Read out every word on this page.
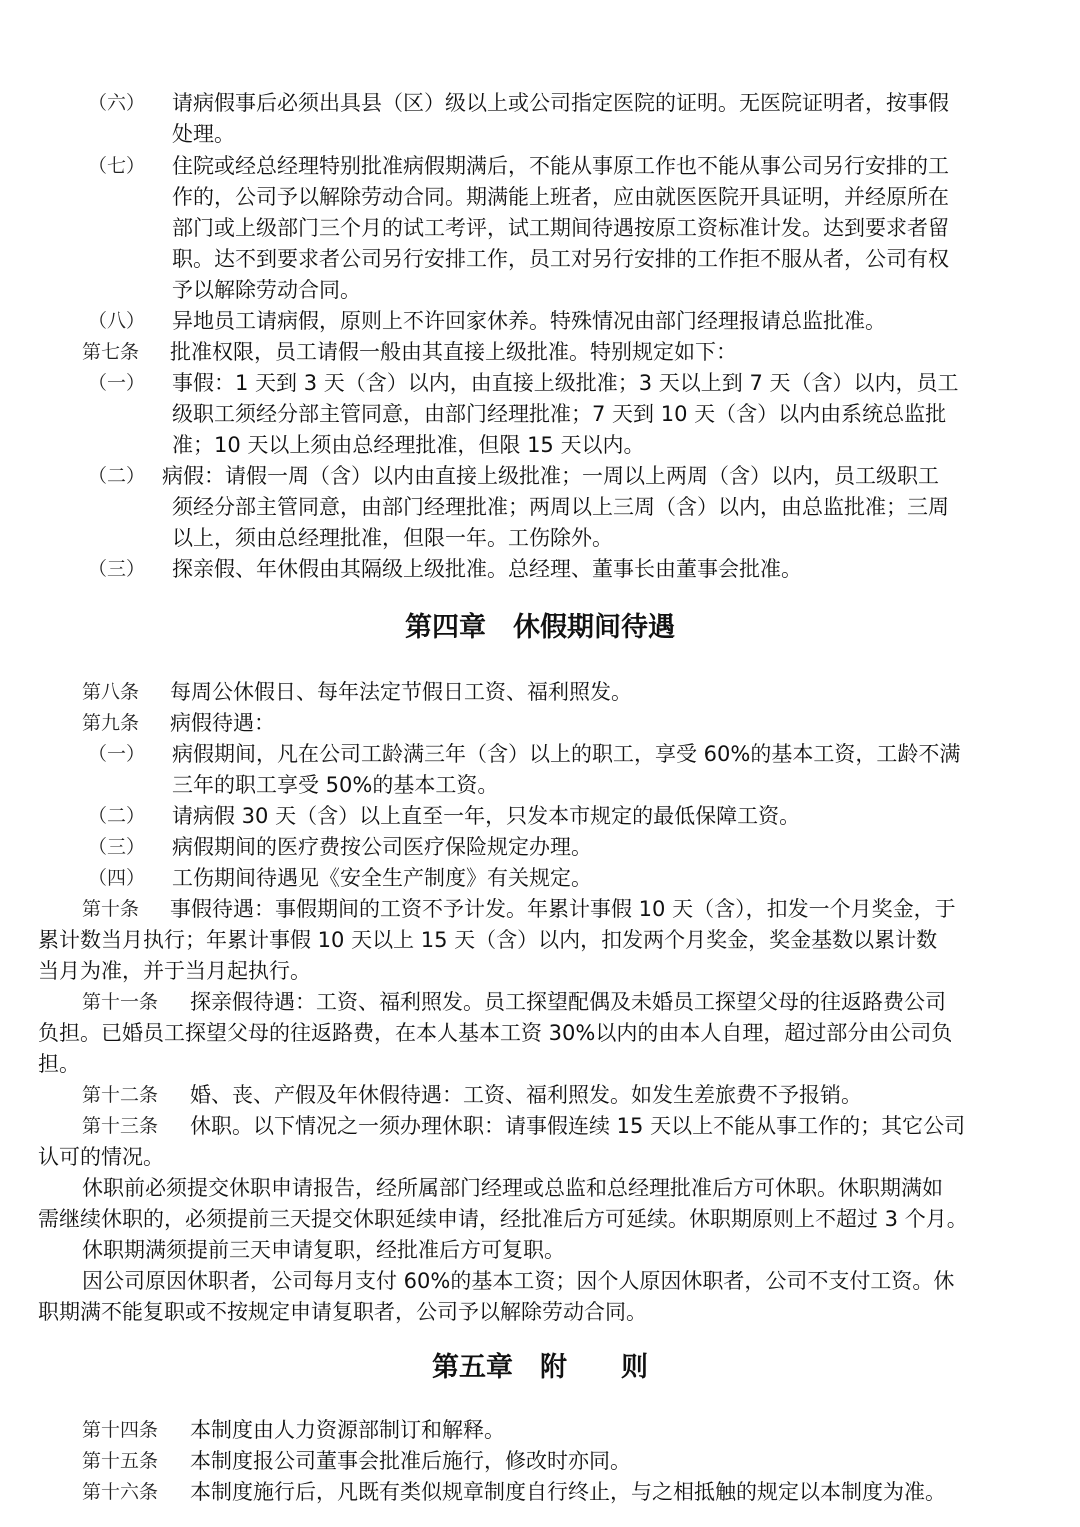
（六） 请病假事后必须出具县（区）级以上或公司指定医院的证明。无医院证明者，按事假
处理。
（七） 住院或经总经理特别批准病假期满后，不能从事原工作也不能从事公司另行安排的工
作的，公司予以解除劳动合同。期满能上班者，应由就医医院开具证明，并经原所在
部门或上级部门三个月的试工考评，试工期间待遇按原工资标准计发。达到要求者留
职。达不到要求者公司另行安排工作，员工对另行安排的工作拒不服从者，公司有权
予以解除劳动合同。
（八） 异地员工请病假，原则上不许回家休养。特殊情况由部门经理报请总监批准。
第七条 批准权限，员工请假一般由其直接上级批准。特别规定如下：
（一） 事假：1 天到 3 天（含）以内，由直接上级批准；3 天以上到 7 天（含）以内，员工
级职工须经分部主管同意，由部门经理批准；7 天到 10 天（含）以内由系统总监批
准；10 天以上须由总经理批准，但限 15 天以内。
（二） 病假：请假一周（含）以内由直接上级批准；一周以上两周（含）以内，员工级职工
须经分部主管同意，由部门经理批准；两周以上三周（含）以内，由总监批准；三周
以上，须由总经理批准，但限一年。工伤除外。
（三） 探亲假、年休假由其隔级上级批准。总经理、董事长由董事会批准。
第四章　休假期间待遇
第八条 每周公休假日、每年法定节假日工资、福利照发。
第九条 病假待遇：
（一） 病假期间，凡在公司工龄满三年（含）以上的职工，享受 60%的基本工资，工龄不满
三年的职工享受 50%的基本工资。
（二） 请病假 30 天（含）以上直至一年，只发本市规定的最低保障工资。
（三） 病假期间的医疗费按公司医疗保险规定办理。
（四） 工伤期间待遇见《安全生产制度》有关规定。
第十条 事假待遇：事假期间的工资不予计发。年累计事假 10 天（含），扣发一个月奖金，于
累计数当月执行；年累计事假 10 天以上 15 天（含）以内，扣发两个月奖金，奖金基数以累计数
当月为准，并于当月起执行。
第十一条 探亲假待遇：工资、福利照发。员工探望配偶及未婚员工探望父母的往返路费公司
负担。已婚员工探望父母的往返路费，在本人基本工资 30%以内的由本人自理，超过部分由公司负
担。
第十二条 婚、丧、产假及年休假待遇：工资、福利照发。如发生差旅费不予报销。
第十三条 休职。以下情况之一须办理休职：请事假连续 15 天以上不能从事工作的；其它公司
认可的情况。
休职前必须提交休职申请报告，经所属部门经理或总监和总经理批准后方可休职。休职期满如
需继续休职的，必须提前三天提交休职延续申请，经批准后方可延续。休职期原则上不超过 3 个月。
休职期满须提前三天申请复职，经批准后方可复职。
因公司原因休职者，公司每月支付 60%的基本工资；因个人原因休职者，公司不支付工资。休
职期满不能复职或不按规定申请复职者，公司予以解除劳动合同。
第五章　附　　则
第十四条 本制度由人力资源部制订和解释。
第十五条 本制度报公司董事会批准后施行，修改时亦同。
第十六条 本制度施行后，凡既有类似规章制度自行终止，与之相抵触的规定以本制度为准。
